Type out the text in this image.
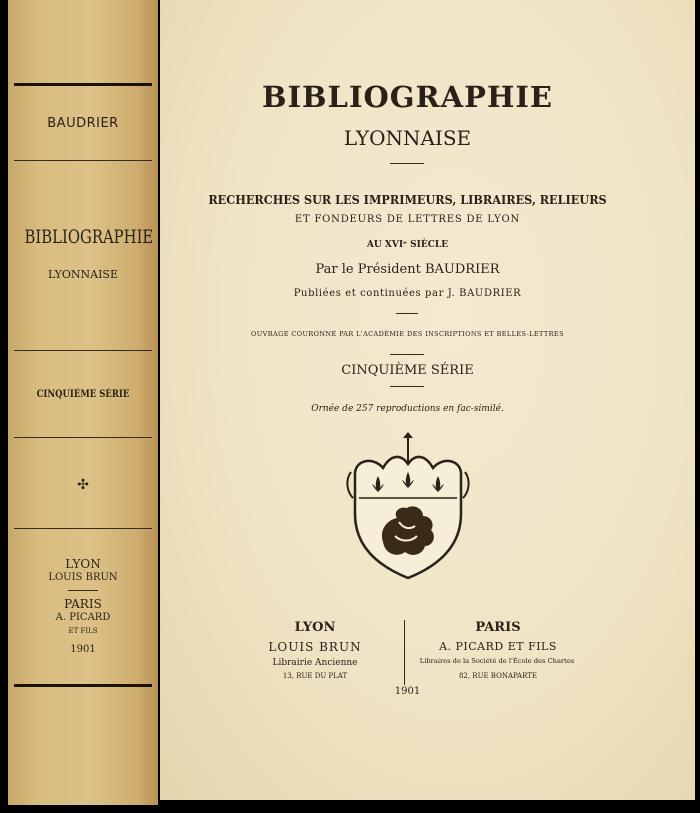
BAUDRIER
BIBLIOGRAPHIE
LYONNAISE
CINQUIÈME SÉRIE
✣
LYON
LOUIS BRUN
PARIS
A. PICARD
ET FILS
1901
BIBLIOGRAPHIE
LYONNAISE
RECHERCHES SUR LES IMPRIMEURS, LIBRAIRES, RELIEURS
ET FONDEURS DE LETTRES DE LYON
AU XVIᵉ SIÈCLE
Par le Président BAUDRIER
Publiées et continuées par J. BAUDRIER
OUVRAGE COURONNÉ PAR L'ACADÉMIE DES INSCRIPTIONS ET BELLES-LETTRES
CINQUIÈME SÉRIE
Ornée de 257 reproductions en fac-similé.
LYON
LOUIS BRUN
Librairie Ancienne
13, RUE DU PLAT
PARIS
A. PICARD ET FILS
Libraires de la Société de l'École des Chartes
82, RUE BONAPARTE
1901
